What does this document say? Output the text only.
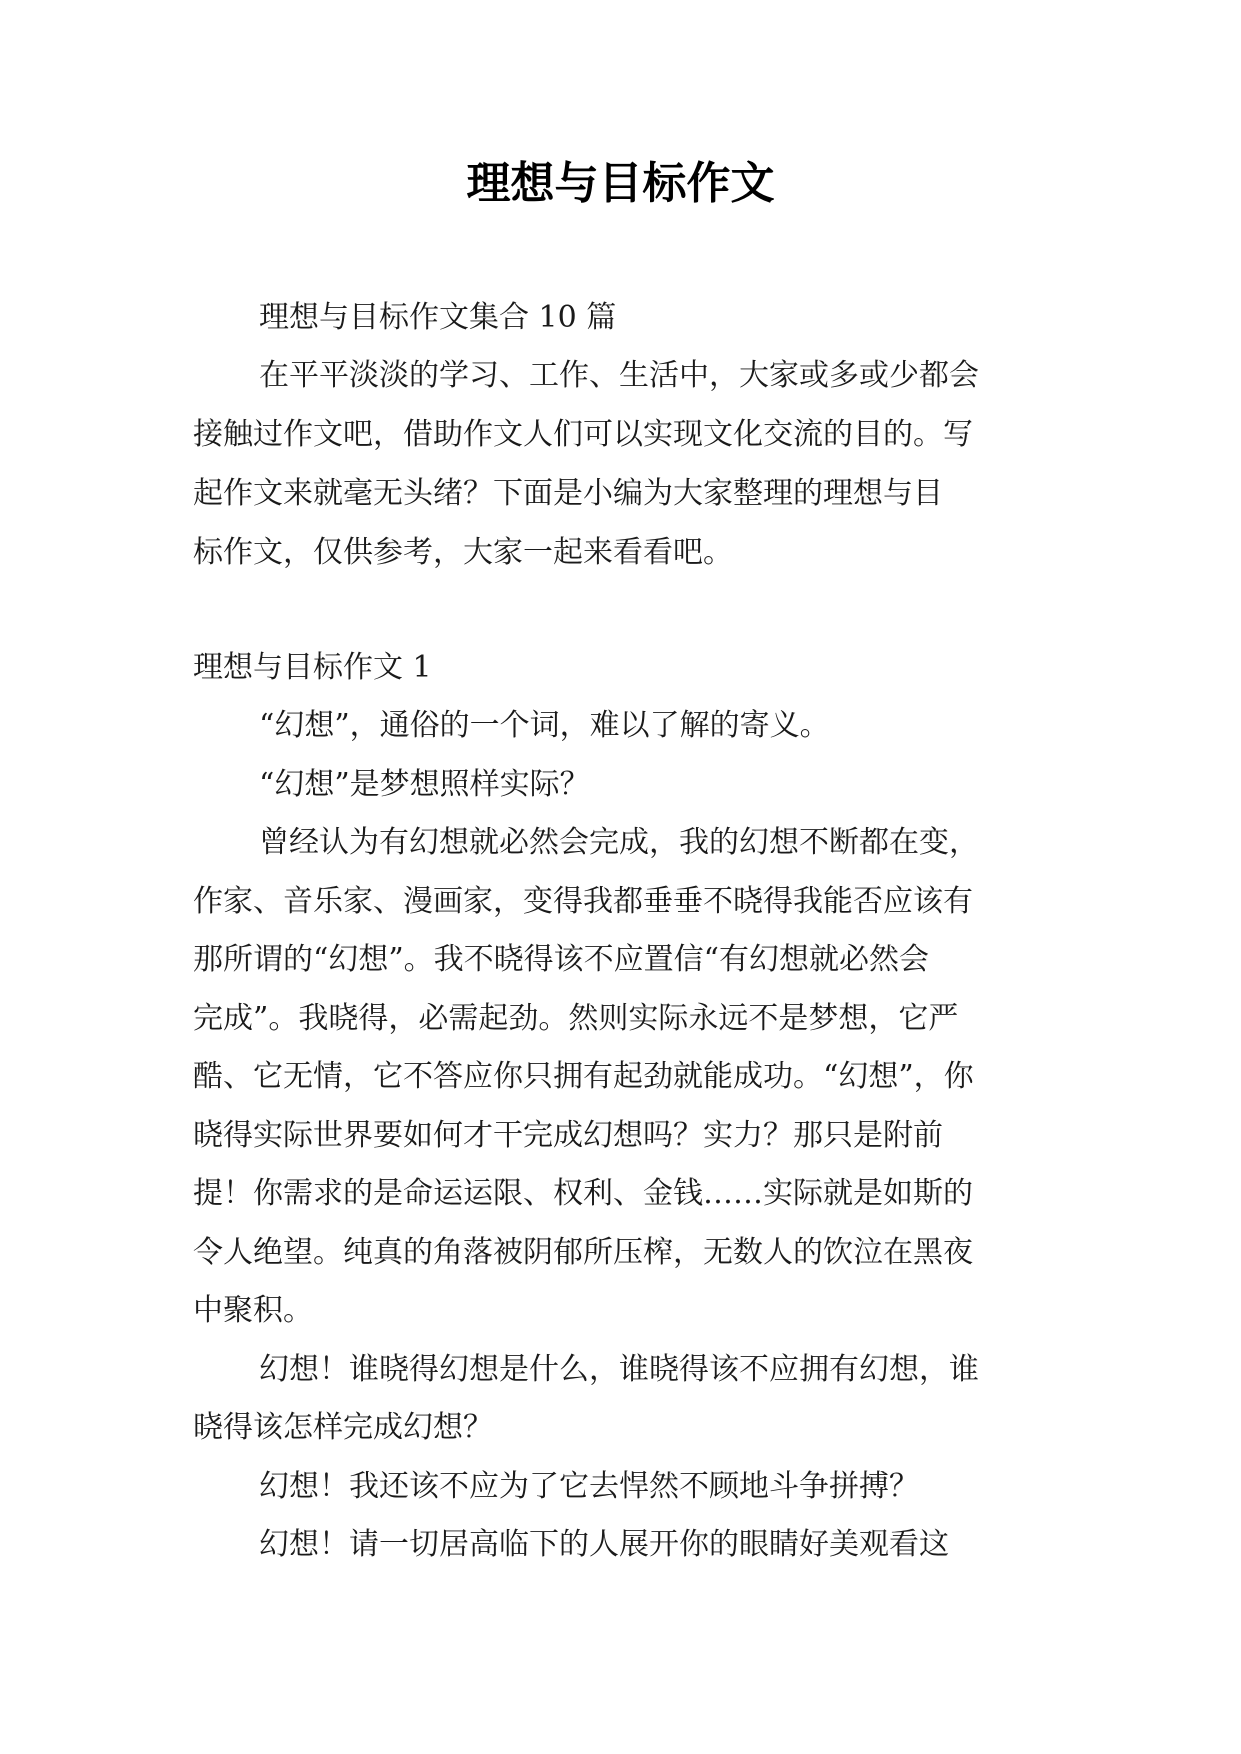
理想与目标作文

理想与目标作文集合 10 篇

在平平淡淡的学习、工作、生活中，大家或多或少都会

接触过作文吧，借助作文人们可以实现文化交流的目的。写

起作文来就毫无头绪？下面是小编为大家整理的理想与目

标作文，仅供参考，大家一起来看看吧。

理想与目标作文 1

“幻想”，通俗的一个词，难以了解的寄义。

“幻想”是梦想照样实际？

曾经认为有幻想就必然会完成，我的幻想不断都在变，

作家、音乐家、漫画家，变得我都垂垂不晓得我能否应该有

那所谓的“幻想”。我不晓得该不应置信“有幻想就必然会

完成”。我晓得，必需起劲。然则实际永远不是梦想，它严

酷、它无情，它不答应你只拥有起劲就能成功。“幻想”，你

晓得实际世界要如何才干完成幻想吗？实力？那只是附前

提！你需求的是命运运限、权利、金钱……实际就是如斯的

令人绝望。纯真的角落被阴郁所压榨，无数人的饮泣在黑夜

中聚积。

幻想！谁晓得幻想是什么，谁晓得该不应拥有幻想，谁

晓得该怎样完成幻想？

幻想！我还该不应为了它去悍然不顾地斗争拼搏？

幻想！请一切居高临下的人展开你的眼睛好美观看这
